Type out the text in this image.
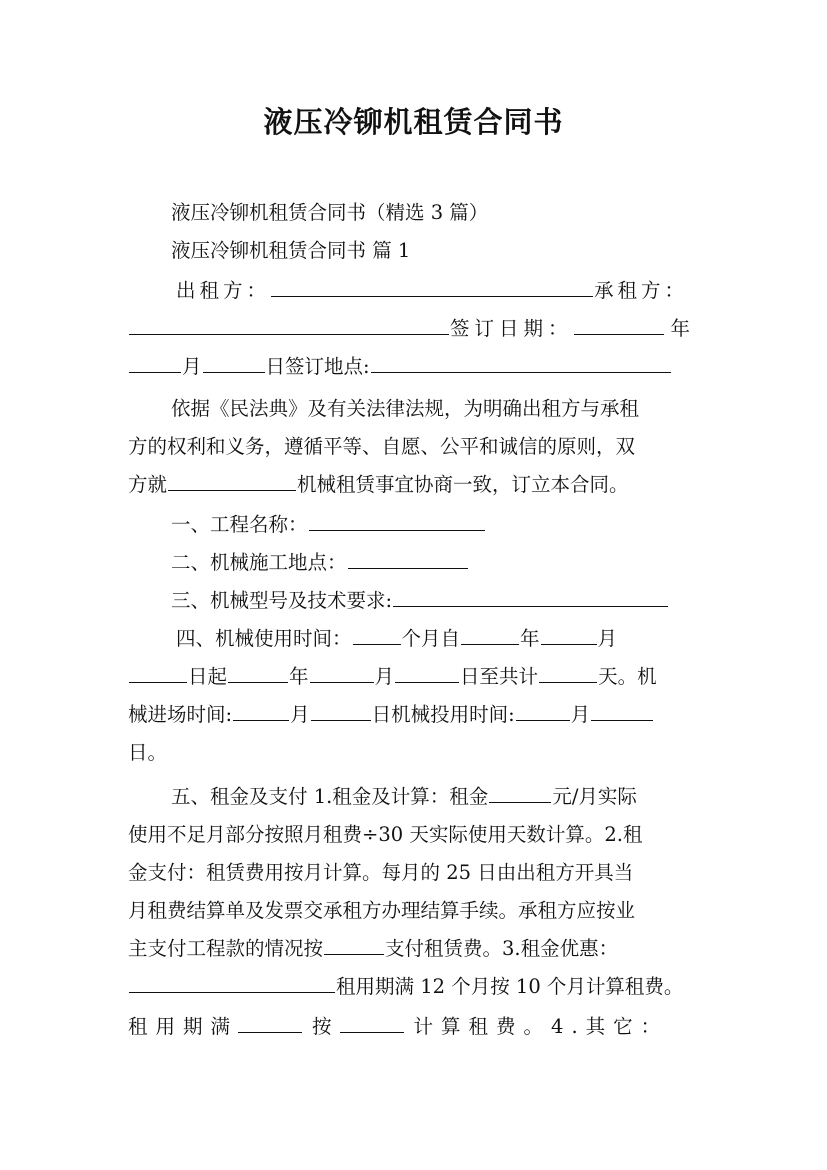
液压冷铆机租赁合同书
液压冷铆机租赁合同书（精选 3 篇）
液压冷铆机租赁合同书 篇 1
出租方：	承租方：
签订日期：	年
月	日签订地点:
依据《民法典》及有关法律法规，为明确出租方与承租
方的权利和义务，遵循平等、自愿、公平和诚信的原则，双
方就	机械租赁事宜协商一致，订立本合同。
一、工程名称：
二、机械施工地点：
三、机械型号及技术要求:
四、机械使用时间：	个月自	年	月
日起	年	月	日至共计	天。机
械进场时间:	月	日机械投用时间:	月
日。
五、租金及支付 1.租金及计算：租金	元/月实际
使用不足月部分按照月租费÷30 天实际使用天数计算。2.租
金支付：租赁费用按月计算。每月的 25 日由出租方开具当
月租费结算单及发票交承租方办理结算手续。承租方应按业
主支付工程款的情况按	支付租赁费。3.租金优惠：
租用期满 12 个月按 10 个月计算租费。
租用期满	按	计算租费。4.其它：
